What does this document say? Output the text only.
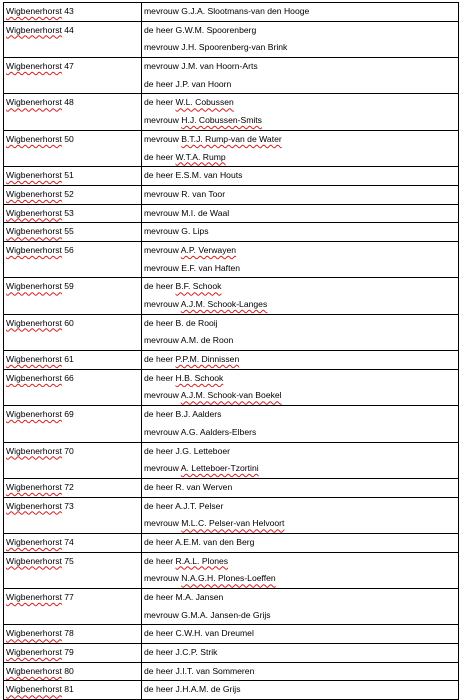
Wigbenerhorst 43	mevrouw G.J.A. Slootmans-van den Hooge

Wigbenerhorst 44	de heer G.W.M. Spoorenberg
mevrouw J.H. Spoorenberg-van Brink

Wigbenerhorst 47	mevrouw J.M. van Hoorn-Arts
de heer J.P. van Hoorn

Wigbenerhorst 48	de heer W.L. Cobussen
mevrouw H.J. Cobussen-Smits

Wigbenerhorst 50	mevrouw B.T.J. Rump-van de Water
de heer W.T.A. Rump

Wigbenerhorst 51	de heer E.S.M. van Houts

Wigbenerhorst 52	mevrouw R. van Toor

Wigbenerhorst 53	mevrouw M.I. de Waal

Wigbenerhorst 55	mevrouw G. Lips

Wigbenerhorst 56	mevrouw A.P. Verwayen
mevrouw E.F. van Haften

Wigbenerhorst 59	de heer B.F. Schook
mevrouw A.J.M. Schook-Langes

Wigbenerhorst 60	de heer B. de Rooij
mevrouw A.M. de Roon

Wigbenerhorst 61	de heer P.P.M. Dinnissen

Wigbenerhorst 66	de heer H.B. Schook
mevrouw A.J.M. Schook-van Boekel

Wigbenerhorst 69	de heer B.J. Aalders
mevrouw A.G. Aalders-Elbers

Wigbenerhorst 70	de heer J.G. Letteboer
mevrouw A. Letteboer-Tzortini

Wigbenerhorst 72	de heer R. van Werven

Wigbenerhorst 73	de heer A.J.T. Pelser
mevrouw M.L.C. Pelser-van Helvoort

Wigbenerhorst 74	de heer A.E.M. van den Berg

Wigbenerhorst 75	de heer R.A.L. Plones
mevrouw N.A.G.H. Plones-Loeffen

Wigbenerhorst 77	de heer M.A. Jansen
mevrouw G.M.A. Jansen-de Grijs

Wigbenerhorst 78	de heer C.W.H. van Dreumel

Wigbenerhorst 79	de heer J.C.P. Strik

Wigbenerhorst 80	de heer J.I.T. van Sommeren

Wigbenerhorst 81	de heer J.H.A.M. de Grijs
